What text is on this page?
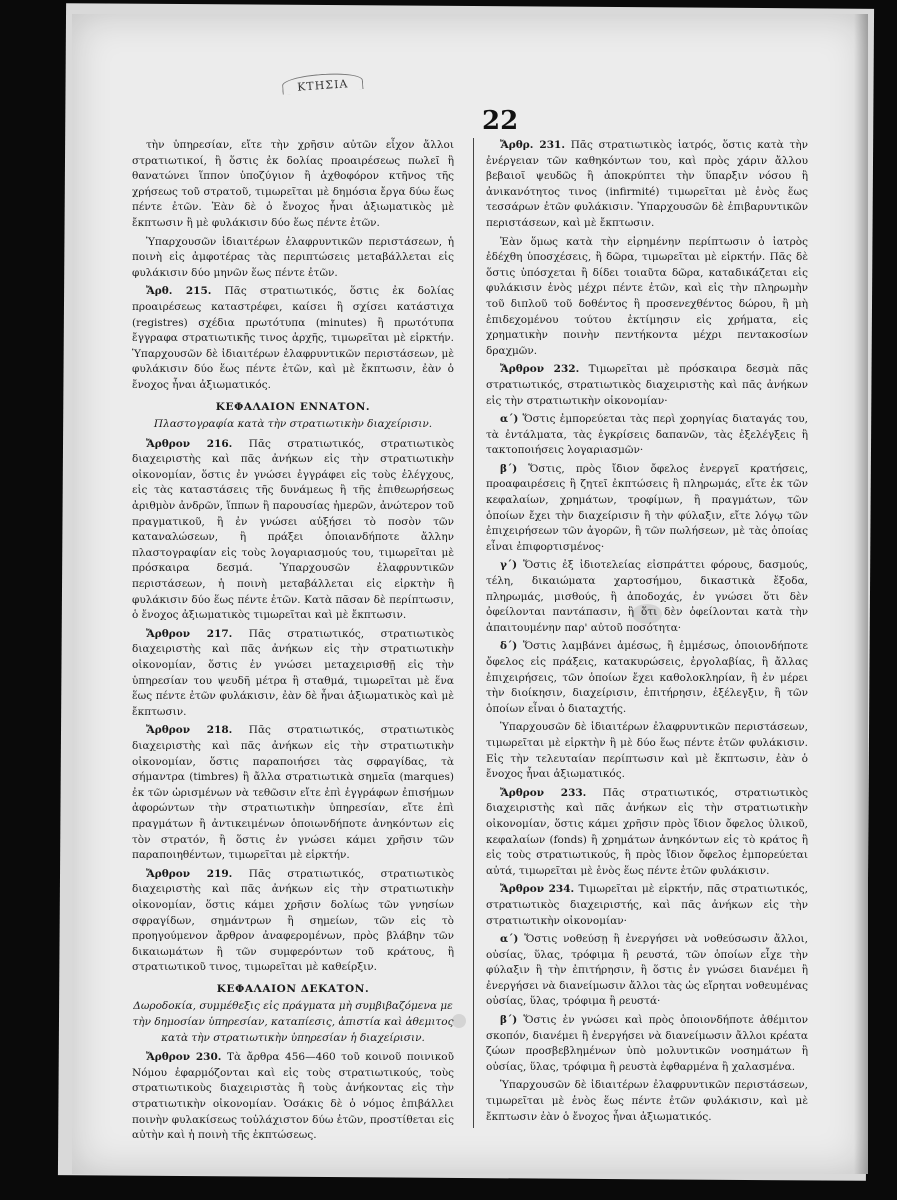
ΚΤΗΣΙΑ
22

τὴν ὑπηρεσίαν, εἴτε τὴν χρῆσιν αὐτῶν εἶχον ἄλλοι στρατιωτικοί, ἢ ὅστις ἐκ δολίας προαιρέσεως πωλεῖ ἢ θανατώνει ἵππον ὑποζύγιον ἢ ἀχθοφόρον κτῆνος τῆς χρήσεως τοῦ στρατοῦ, τιμωρεῖται μὲ δημόσια ἔργα δύω ἕως πέντε ἐτῶν. Ἐὰν δὲ ὁ ἔνοχος ἦναι ἀξιωματικὸς μὲ ἔκπτωσιν ἢ μὲ φυλάκισιν δύο ἕως πέντε ἐτῶν.

Ὑπαρχουσῶν ἰδιαιτέρων ἐλαφρυντικῶν περιστάσεων, ἡ ποινὴ εἰς ἀμφοτέρας τὰς περιπτώσεις μεταβάλλεται εἰς φυλάκισιν δύο μηνῶν ἕως πέντε ἐτῶν.

Ἄρθ. 215. Πᾶς στρατιωτικός, ὅστις ἐκ δολίας προαιρέσεως καταστρέφει, καίσει ἢ σχίσει κατάστιχα (registres) σχέδια πρωτότυπα (minutes) ἢ πρωτότυπα ἔγγραφα στρατιωτικῆς τινος ἀρχῆς, τιμωρεῖται μὲ εἱρκτήν. Ὑπαρχουσῶν δὲ ἰδιαιτέρων ἐλαφρυντικῶν περιστάσεων, μὲ φυλάκισιν δύο ἕως πέντε ἐτῶν, καὶ μὲ ἔκπτωσιν, ἐὰν ὁ ἔνοχος ἦναι ἀξιωματικός.

ΚΕΦΑΛΑΙΟΝ ΕΝΝΑΤΟΝ.

Πλαστογραφία κατὰ τὴν στρατιωτικὴν διαχείρισιν.

Ἄρθρον 216. Πᾶς στρατιωτικός, στρατιωτικὸς διαχειριστὴς καὶ πᾶς ἀνήκων εἰς τὴν στρατιωτικὴν οἰκονομίαν, ὅστις ἐν γνώσει ἐγγράφει εἰς τοὺς ἐλέγχους, εἰς τὰς καταστάσεις τῆς δυνάμεως ἢ τῆς ἐπιθεωρήσεως ἀριθμὸν ἀνδρῶν, ἵππων ἢ παρουσίας ἡμερῶν, ἀνώτερον τοῦ πραγματικοῦ, ἢ ἐν γνώσει αὐξήσει τὸ ποσὸν τῶν καταναλώσεων, ἢ πράξει ὁποιανδήποτε ἄλλην πλαστογραφίαν εἰς τοὺς λογαριασμούς του, τιμωρεῖται μὲ πρόσκαιρα δεσμά. Ὑπαρχουσῶν ἐλαφρυντικῶν περιστάσεων, ἡ ποινὴ μεταβάλλεται εἰς εἱρκτὴν ἢ φυλάκισιν δύο ἕως πέντε ἐτῶν. Κατὰ πᾶσαν δὲ περίπτωσιν, ὁ ἔνοχος ἀξιωματικὸς τιμωρεῖται καὶ μὲ ἔκπτωσιν.

Ἄρθρον 217. Πᾶς στρατιωτικός, στρατιωτικὸς διαχειριστὴς καὶ πᾶς ἀνήκων εἰς τὴν στρατιωτικὴν οἰκονομίαν, ὅστις ἐν γνώσει μεταχειρισθῇ εἰς τὴν ὑπηρεσίαν του ψευδῆ μέτρα ἢ σταθμά, τιμωρεῖται μὲ ἕνα ἕως πέντε ἐτῶν φυλάκισιν, ἐὰν δὲ ἦναι ἀξιωματικὸς καὶ μὲ ἔκπτωσιν.

Ἄρθρον 218. Πᾶς στρατιωτικός, στρατιωτικὸς διαχειριστὴς καὶ πᾶς ἀνήκων εἰς τὴν στρατιωτικὴν οἰκονομίαν, ὅστις παραποιήσει τὰς σφραγίδας, τὰ σήμαντρα (timbres) ἢ ἄλλα στρατιωτικὰ σημεῖα (marques) ἐκ τῶν ὡρισμένων νὰ τεθῶσιν εἴτε ἐπὶ ἐγγράφων ἐπισήμων ἀφορώντων τὴν στρατιωτικὴν ὑπηρεσίαν, εἴτε ἐπὶ πραγμάτων ἢ ἀντικειμένων ὁποιωνδήποτε ἀνηκόντων εἰς τὸν στρατόν, ἢ ὅστις ἐν γνώσει κάμει χρῆσιν τῶν παραποιηθέντων, τιμωρεῖται μὲ εἱρκτήν.

Ἄρθρον 219. Πᾶς στρατιωτικός, στρατιωτικὸς διαχειριστὴς καὶ πᾶς ἀνήκων εἰς τὴν στρατιωτικὴν οἰκονομίαν, ὅστις κάμει χρῆσιν δολίως τῶν γνησίων σφραγίδων, σημάντρων ἢ σημείων, τῶν εἰς τὸ προηγούμενον ἄρθρον ἀναφερομένων, πρὸς βλάβην τῶν δικαιωμάτων ἢ τῶν συμφερόντων τοῦ κράτους, ἢ στρατιωτικοῦ τινος, τιμωρεῖται μὲ καθείρξιν.

ΚΕΦΑΛΑΙΟΝ ΔΕΚΑΤΟΝ.

Δωροδοκία, συμμέθεξις εἰς πράγματα μὴ συμβιβαζόμενα με τὴν δημοσίαν ὑπηρεσίαν, καταπίεσις, ἀπιστία καὶ ἀθεμιτος κατὰ τὴν στρατιωτικὴν ὑπηρεσίαν ἡ διαχείρισιν.

Ἄρθρον 230. Τὰ ἄρθρα 456—460 τοῦ κοινοῦ ποινικοῦ Νόμου ἐφαρμόζονται καὶ εἰς τοὺς στρατιωτικούς, τοὺς στρατιωτικοὺς διαχειριστὰς ἢ τοὺς ἀνήκοντας εἰς τὴν στρατιωτικὴν οἰκονομίαν. Ὁσάκις δὲ ὁ νόμος ἐπιβάλλει ποινὴν φυλακίσεως τοὐλάχιστον δύω ἐτῶν, προστίθεται εἰς αὐτὴν καὶ ἡ ποινὴ τῆς ἐκπτώσεως.

Ἄρθρ. 231. Πᾶς στρατιωτικὸς ἰατρός, ὅστις κατὰ τὴν ἐνέργειαν τῶν καθηκόντων του, καὶ πρὸς χάριν ἄλλου βεβαιοῖ ψευδῶς ἢ ἀποκρύπτει τὴν ὕπαρξιν νόσου ἢ ἀνικανότητος τινος (infirmité) τιμωρεῖται μὲ ἑνὸς ἕως τεσσάρων ἐτῶν φυλάκισιν. Ὑπαρχουσῶν δὲ ἐπιβαρυντικῶν περιστάσεων, καὶ μὲ ἔκπτωσιν.

Ἐὰν ὅμως κατὰ τὴν εἰρημένην περίπτωσιν ὁ ἰατρὸς ἐδέχθη ὑποσχέσεις, ἢ δῶρα, τιμωρεῖται μὲ εἱρκτήν. Πᾶς δὲ ὅστις ὑπόσχεται ἢ δίδει τοιαῦτα δῶρα, καταδικάζεται εἰς φυλάκισιν ἑνὸς μέχρι πέντε ἐτῶν, καὶ εἰς τὴν πληρωμὴν τοῦ διπλοῦ τοῦ δοθέντος ἢ προσενεχθέντος δώρου, ἢ μὴ ἐπιδεχομένου τούτου ἐκτίμησιν εἰς χρήματα, εἰς χρηματικὴν ποινὴν πεντήκοντα μέχρι πεντακοσίων δραχμῶν.

Ἄρθρον 232. Τιμωρεῖται μὲ πρόσκαιρα δεσμὰ πᾶς στρατιωτικός, στρατιωτικὸς διαχειριστὴς καὶ πᾶς ἀνήκων εἰς τὴν στρατιωτικὴν οἰκονομίαν·

α΄) Ὅστις ἐμπορεύεται τὰς περὶ χορηγίας διαταγάς του, τὰ ἐντάλματα, τὰς ἐγκρίσεις δαπανῶν, τὰς ἐξελέγξεις ἢ τακτοποιήσεις λογαριασμῶν·

β΄) Ὅστις, πρὸς ἴδιον ὄφελος ἐνεργεῖ κρατήσεις, προαφαιρέσεις ἢ ζητεῖ ἐκπτώσεις ἢ πληρωμάς, εἴτε ἐκ τῶν κεφαλαίων, χρημάτων, τροφίμων, ἢ πραγμάτων, τῶν ὁποίων ἔχει τὴν διαχείρισιν ἢ τὴν φύλαξιν, εἴτε λόγῳ τῶν ἐπιχειρήσεων τῶν ἀγορῶν, ἢ τῶν πωλήσεων, μὲ τὰς ὁποίας εἶναι ἐπιφορτισμένος·

γ΄) Ὅστις ἐξ ἰδιοτελείας εἰσπράττει φόρους, δασμούς, τέλη, δικαιώματα χαρτοσήμου, δικαστικὰ ἔξοδα, πληρωμάς, μισθούς, ἢ ἀποδοχάς, ἐν γνώσει ὅτι δὲν ὀφείλονται παντάπασιν, ἢ ὅτι δὲν ὀφείλονται κατὰ τὴν ἀπαιτουμένην παρ' αὐτοῦ ποσότητα·

δ΄) Ὅστις λαμβάνει ἀμέσως, ἢ ἐμμέσως, ὁποιονδήποτε ὄφελος εἰς πράξεις, κατακυρώσεις, ἐργολαβίας, ἢ ἄλλας ἐπιχειρήσεις, τῶν ὁποίων ἔχει καθολοκληρίαν, ἢ ἐν μέρει τὴν διοίκησιν, διαχείρισιν, ἐπιτήρησιν, ἐξέλεγξιν, ἢ τῶν ὁποίων εἶναι ὁ διαταχτής.

Ὑπαρχουσῶν δὲ ἰδιαιτέρων ἐλαφρυντικῶν περιστάσεων, τιμωρεῖται μὲ εἱρκτὴν ἢ μὲ δύο ἕως πέντε ἐτῶν φυλάκισιν. Εἰς τὴν τελευταίαν περίπτωσιν καὶ μὲ ἔκπτωσιν, ἐὰν ὁ ἔνοχος ἦναι ἀξιωματικός.

Ἄρθρον 233. Πᾶς στρατιωτικός, στρατιωτικὸς διαχειριστὴς καὶ πᾶς ἀνήκων εἰς τὴν στρατιωτικὴν οἰκονομίαν, ὅστις κάμει χρῆσιν πρὸς ἴδιον ὄφελος ὑλικοῦ, κεφαλαίων (fonds) ἢ χρημάτων ἀνηκόντων εἰς τὸ κράτος ἢ εἰς τοὺς στρατιωτικούς, ἢ πρὸς ἴδιον ὄφελος ἐμπορεύεται αὐτά, τιμωρεῖται μὲ ἑνὸς ἕως πέντε ἐτῶν φυλάκισιν.

Ἄρθρον 234. Τιμωρεῖται μὲ εἱρκτήν, πᾶς στρατιωτικός, στρατιωτικὸς διαχειριστής, καὶ πᾶς ἀνήκων εἰς τὴν στρατιωτικὴν οἰκονομίαν·

α΄) Ὅστις νοθεύσῃ ἢ ἐνεργήσει νὰ νοθεύσωσιν ἄλλοι, οὐσίας, ὕλας, τρόφιμα ἢ ρευστά, τῶν ὁποίων εἶχε τὴν φύλαξιν ἢ τὴν ἐπιτήρησιν, ἢ ὅστις ἐν γνώσει διανέμει ἢ ἐνεργήσει νὰ διανείμωσιν ἄλλοι τὰς ὡς εἴρηται νοθευμένας οὐσίας, ὕλας, τρόφιμα ἢ ρευστά·

β΄) Ὅστις ἐν γνώσει καὶ πρὸς ὁποιονδήποτε ἀθέμιτον σκοπόν, διανέμει ἢ ἐνεργήσει νὰ διανείμωσιν ἄλλοι κρέατα ζώων προσβεβλημένων ὑπὸ μολυντικῶν νοσημάτων ἢ οὐσίας, ὕλας, τρόφιμα ἢ ρευστὰ ἐφθαρμένα ἢ χαλασμένα.

Ὑπαρχουσῶν δὲ ἰδιαιτέρων ἐλαφρυντικῶν περιστάσεων, τιμωρεῖται μὲ ἑνὸς ἕως πέντε ἐτῶν φυλάκισιν, καὶ μὲ ἔκπτωσιν ἐὰν ὁ ἔνοχος ἦναι ἀξιωματικός.
